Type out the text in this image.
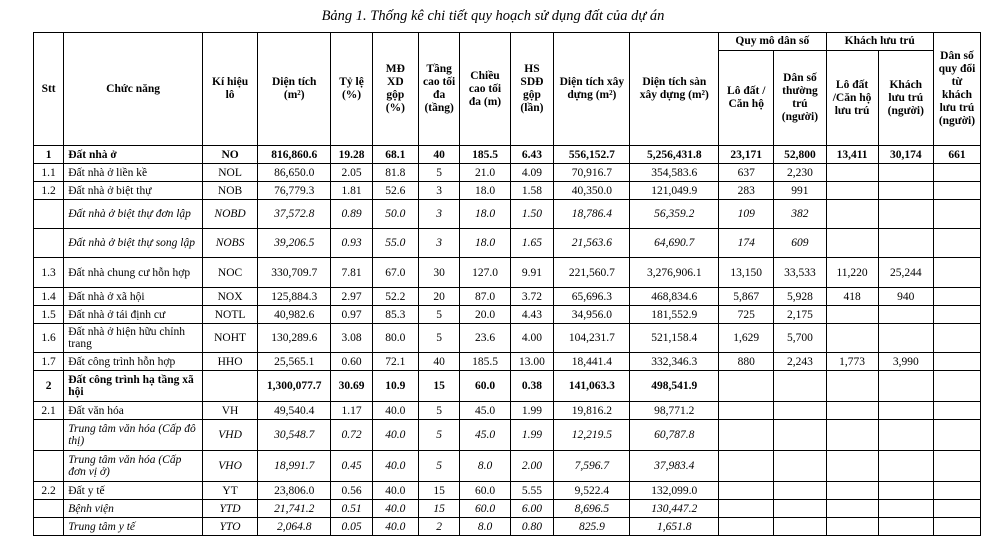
Bảng 1. Thống kê chi tiết quy hoạch sử dụng đất của dự án
Stt	Chức năng	Kí hiệu lô	Diện tích (m²)	Tỷ lệ (%)	MĐ XD gộp (%)	Tầng cao tối đa (tầng)	Chiều cao tối đa (m)	HS SDĐ gộp (lần)	Diện tích xây dựng (m²)	Diện tích sàn xây dựng (m²)	Quy mô dân số		Khách lưu trú		Dân số quy đổi từ khách lưu trú (người)
											Lô đất / Căn hộ	Dân số thường trú (người)	Lô đất /Căn hộ lưu trú	Khách lưu trú (người)	
1	Đất nhà ở	NO	816,860.6	19.28	68.1	40	185.5	6.43	556,152.7	5,256,431.8	23,171	52,800	13,411	30,174	661
1.1	Đất nhà ở liền kề	NOL	86,650.0	2.05	81.8	5	21.0	4.09	70,916.7	354,583.6	637	2,230			
1.2	Đất nhà ở biệt thự	NOB	76,779.3	1.81	52.6	3	18.0	1.58	40,350.0	121,049.9	283	991			
	Đất nhà ở biệt thự đơn lập	NOBD	37,572.8	0.89	50.0	3	18.0	1.50	18,786.4	56,359.2	109	382			
	Đất nhà ở biệt thự song lập	NOBS	39,206.5	0.93	55.0	3	18.0	1.65	21,563.6	64,690.7	174	609			
1.3	Đất nhà chung cư hỗn hợp	NOC	330,709.7	7.81	67.0	30	127.0	9.91	221,560.7	3,276,906.1	13,150	33,533	11,220	25,244	
1.4	Đất nhà ở xã hội	NOX	125,884.3	2.97	52.2	20	87.0	3.72	65,696.3	468,834.6	5,867	5,928	418	940	
1.5	Đất nhà ở tái định cư	NOTL	40,982.6	0.97	85.3	5	20.0	4.43	34,956.0	181,552.9	725	2,175			
1.6	Đất nhà ở hiện hữu chỉnh trang	NOHT	130,289.6	3.08	80.0	5	23.6	4.00	104,231.7	521,158.4	1,629	5,700			
1.7	Đất công trình hỗn hợp	HHO	25,565.1	0.60	72.1	40	185.5	13.00	18,441.4	332,346.3	880	2,243	1,773	3,990	
2	Đất công trình hạ tầng xã hội		1,300,077.7	30.69	10.9	15	60.0	0.38	141,063.3	498,541.9					
2.1	Đất văn hóa	VH	49,540.4	1.17	40.0	5	45.0	1.99	19,816.2	98,771.2					
	Trung tâm văn hóa (Cấp đô thị)	VHD	30,548.7	0.72	40.0	5	45.0	1.99	12,219.5	60,787.8					
	Trung tâm văn hóa (Cấp đơn vị ở)	VHO	18,991.7	0.45	40.0	5	8.0	2.00	7,596.7	37,983.4					
2.2	Đất y tế	YT	23,806.0	0.56	40.0	15	60.0	5.55	9,522.4	132,099.0					
	Bệnh viện	YTD	21,741.2	0.51	40.0	15	60.0	6.00	8,696.5	130,447.2					
	Trung tâm y tế	YTO	2,064.8	0.05	40.0	2	8.0	0.80	825.9	1,651.8					
